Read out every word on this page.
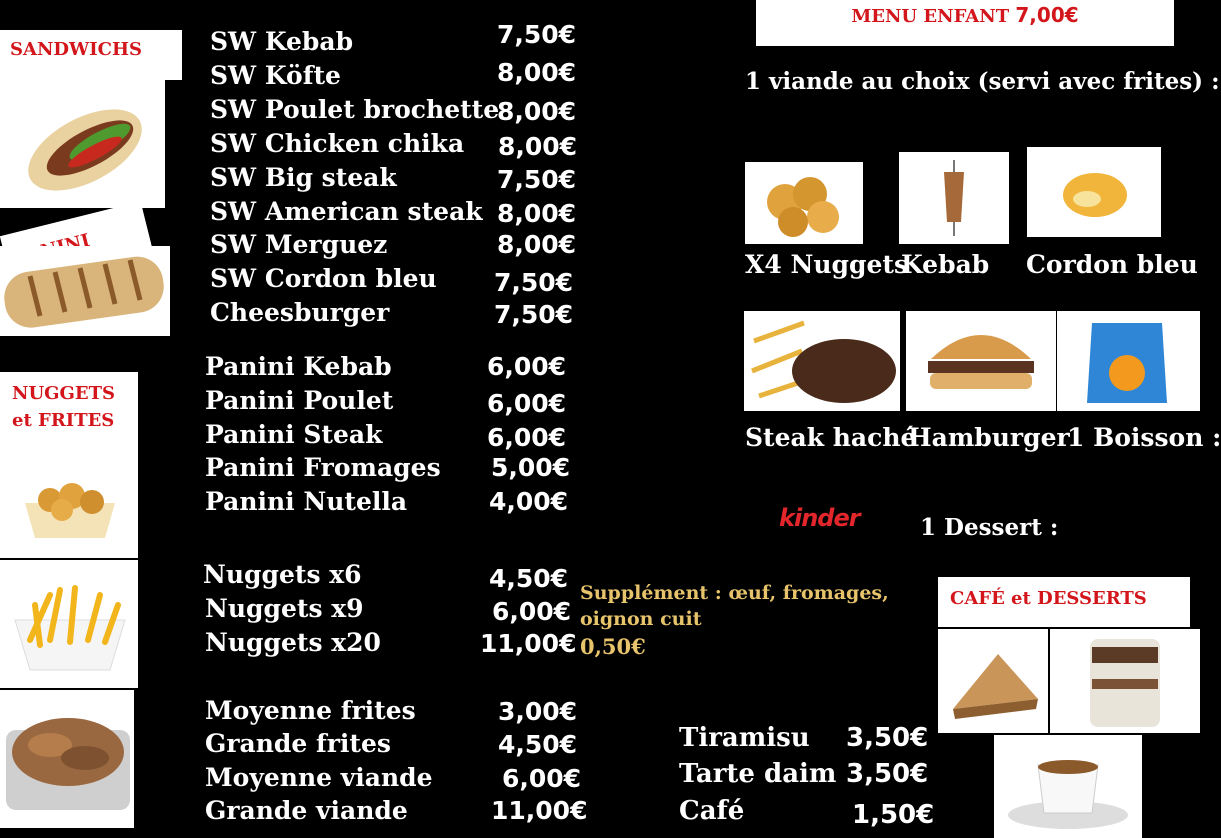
SANDWICHS
NUGGETS
et FRITES
SW Kebab	7,50€
SW Köfte	8,00€
SW Poulet brochette
8,00€
SW Chicken chika 8,00€
SW Big steak	7,50€
SW American steak 8,00€
SW Merguez	8,00€
SW Cordon bleu	7,50€
Cheesburger	7,50€
Panini Kebab	6,00€
Panini Poulet	6,00€
Panini Steak	6,00€
Panini Fromages 5,00€
Panini Nutella	4,00€
Nuggets x6	4,50€
Nuggets x9	6,00€
Nuggets x20	11,00€
Supplément : œuf, fromages,
oignon cuit
0,50€
Moyenne frites	3,00€
Grande frites	4,50€
Moyenne viande	6,00€
Grande viande	11,00€
MENU ENFANT 7,00€
1 viande au choix (servi avec frites) :
X4 Nuggets
Kebab Cordon bleu
Steak haché
Hamburger
1 Boisson :
kinder	1 Dessert :
CAFÉ et DESSERTS
Tiramisu 3,50€
Tarte daim 3,50€
Café	1,50€
